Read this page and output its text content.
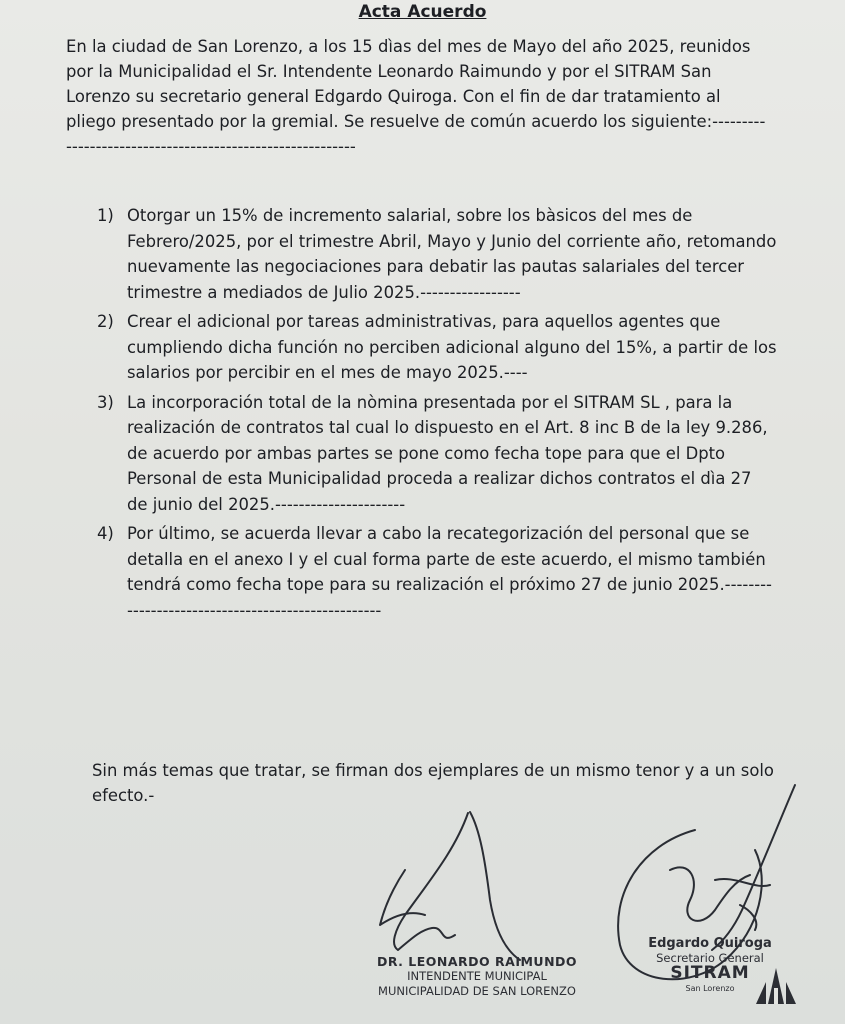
Acta Acuerdo

En la ciudad de San Lorenzo, a los 15 dìas del mes de Mayo del año 2025, reunidos por la Municipalidad el Sr. Intendente Leonardo Raimundo y por el SITRAM San Lorenzo su secretario general Edgardo Quiroga. Con el fin de dar tratamiento al pliego presentado por la gremial. Se resuelve de común acuerdo los siguiente:----------------------------------------------------------

1) Otorgar un 15% de incremento salarial, sobre los bàsicos del mes de Febrero/2025, por el trimestre Abril, Mayo y Junio del corriente año, retomando nuevamente las negociaciones para debatir las pautas salariales del tercer trimestre a mediados de Julio 2025.-----------------
2) Crear el adicional por tareas administrativas, para aquellos agentes que cumpliendo dicha función no perciben adicional alguno del 15%, a partir de los salarios por percibir en el mes de mayo 2025.----
3) La incorporación total de la nòmina presentada por el SITRAM SL , para la realización de contratos tal cual lo dispuesto en el Art. 8 inc B de la ley 9.286, de acuerdo por ambas partes se pone como fecha tope para que el Dpto Personal de esta Municipalidad proceda a realizar dichos contratos el dìa 27 de junio del 2025.----------------------
4) Por último, se acuerda llevar a cabo la recategorización del personal que se detalla en el anexo I y el cual forma parte de este acuerdo, el mismo también tendrá como fecha tope para su realización el próximo 27 de junio 2025.---------------------------------------------------

Sin más temas que tratar, se firman dos ejemplares de un mismo tenor y a un solo efecto.-

DR. LEONARDO RAIMUNDO
INTENDENTE MUNICIPAL
MUNICIPALIDAD DE SAN LORENZO
Edgardo Quiroga
Secretario General
SITRAM
San Lorenzo
